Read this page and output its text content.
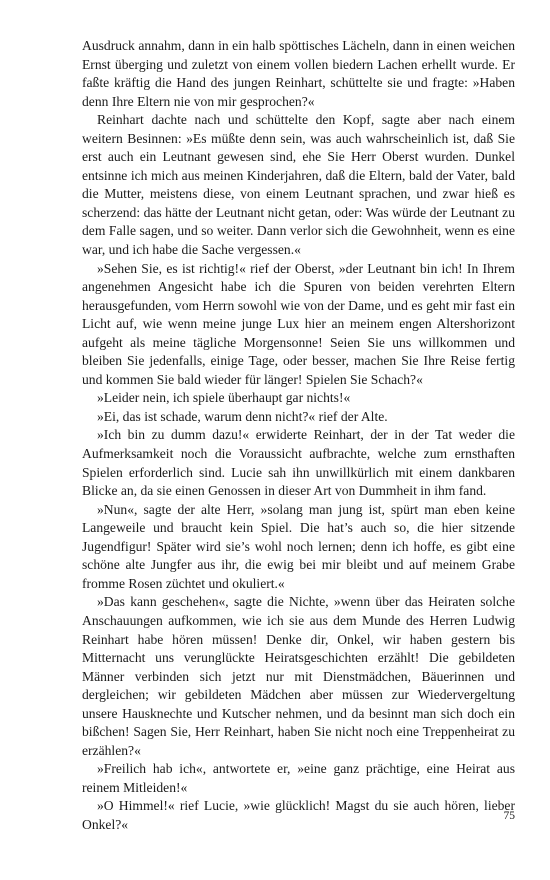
Ausdruck annahm, dann in ein halb spöttisches Lächeln, dann in einen weichen Ernst überging und zuletzt von einem vollen biedern Lachen erhellt wurde. Er faßte kräftig die Hand des jungen Reinhart, schüttelte sie und fragte: »Haben denn Ihre Eltern nie von mir gesprochen?«

Reinhart dachte nach und schüttelte den Kopf, sagte aber nach einem weitern Besinnen: »Es müßte denn sein, was auch wahrscheinlich ist, daß Sie erst auch ein Leutnant gewesen sind, ehe Sie Herr Oberst wurden. Dunkel entsinne ich mich aus meinen Kinderjahren, daß die Eltern, bald der Vater, bald die Mutter, meistens diese, von einem Leutnant sprachen, und zwar hieß es scherzend: das hätte der Leutnant nicht getan, oder: Was würde der Leutnant zu dem Falle sagen, und so weiter. Dann verlor sich die Gewohnheit, wenn es eine war, und ich habe die Sache vergessen.«

»Sehen Sie, es ist richtig!« rief der Oberst, »der Leutnant bin ich! In Ihrem angenehmen Angesicht habe ich die Spuren von beiden verehrten Eltern herausgefunden, vom Herrn sowohl wie von der Dame, und es geht mir fast ein Licht auf, wie wenn meine junge Lux hier an meinem engen Altershorizont aufgeht als meine tägliche Morgensonne! Seien Sie uns willkommen und bleiben Sie jedenfalls, einige Tage, oder besser, machen Sie Ihre Reise fertig und kommen Sie bald wieder für länger! Spielen Sie Schach?«

»Leider nein, ich spiele überhaupt gar nichts!«

»Ei, das ist schade, warum denn nicht?« rief der Alte.

»Ich bin zu dumm dazu!« erwiderte Reinhart, der in der Tat weder die Aufmerksamkeit noch die Voraussicht aufbrachte, welche zum ernsthaften Spielen erforderlich sind. Lucie sah ihn unwillkürlich mit einem dankbaren Blicke an, da sie einen Genossen in dieser Art von Dummheit in ihm fand.

»Nun«, sagte der alte Herr, »solang man jung ist, spürt man eben keine Langeweile und braucht kein Spiel. Die hat’s auch so, die hier sitzende Jugendfigur! Später wird sie’s wohl noch lernen; denn ich hoffe, es gibt eine schöne alte Jungfer aus ihr, die ewig bei mir bleibt und auf meinem Grabe fromme Rosen züchtet und okuliert.«

»Das kann geschehen«, sagte die Nichte, »wenn über das Heiraten solche Anschauungen aufkommen, wie ich sie aus dem Munde des Herren Ludwig Reinhart habe hören müssen! Denke dir, Onkel, wir haben gestern bis Mitternacht uns verunglückte Heiratsgeschichten erzählt! Die gebildeten Männer verbinden sich jetzt nur mit Dienstmädchen, Bäuerinnen und dergleichen; wir gebildeten Mädchen aber müssen zur Wiedervergeltung unsere Hausknechte und Kutscher nehmen, und da besinnt man sich doch ein bißchen! Sagen Sie, Herr Reinhart, haben Sie nicht noch eine Treppenheirat zu erzählen?«

»Freilich hab ich«, antwortete er, »eine ganz prächtige, eine Heirat aus reinem Mitleiden!«

»O Himmel!« rief Lucie, »wie glücklich! Magst du sie auch hören, lieber Onkel?«

75
